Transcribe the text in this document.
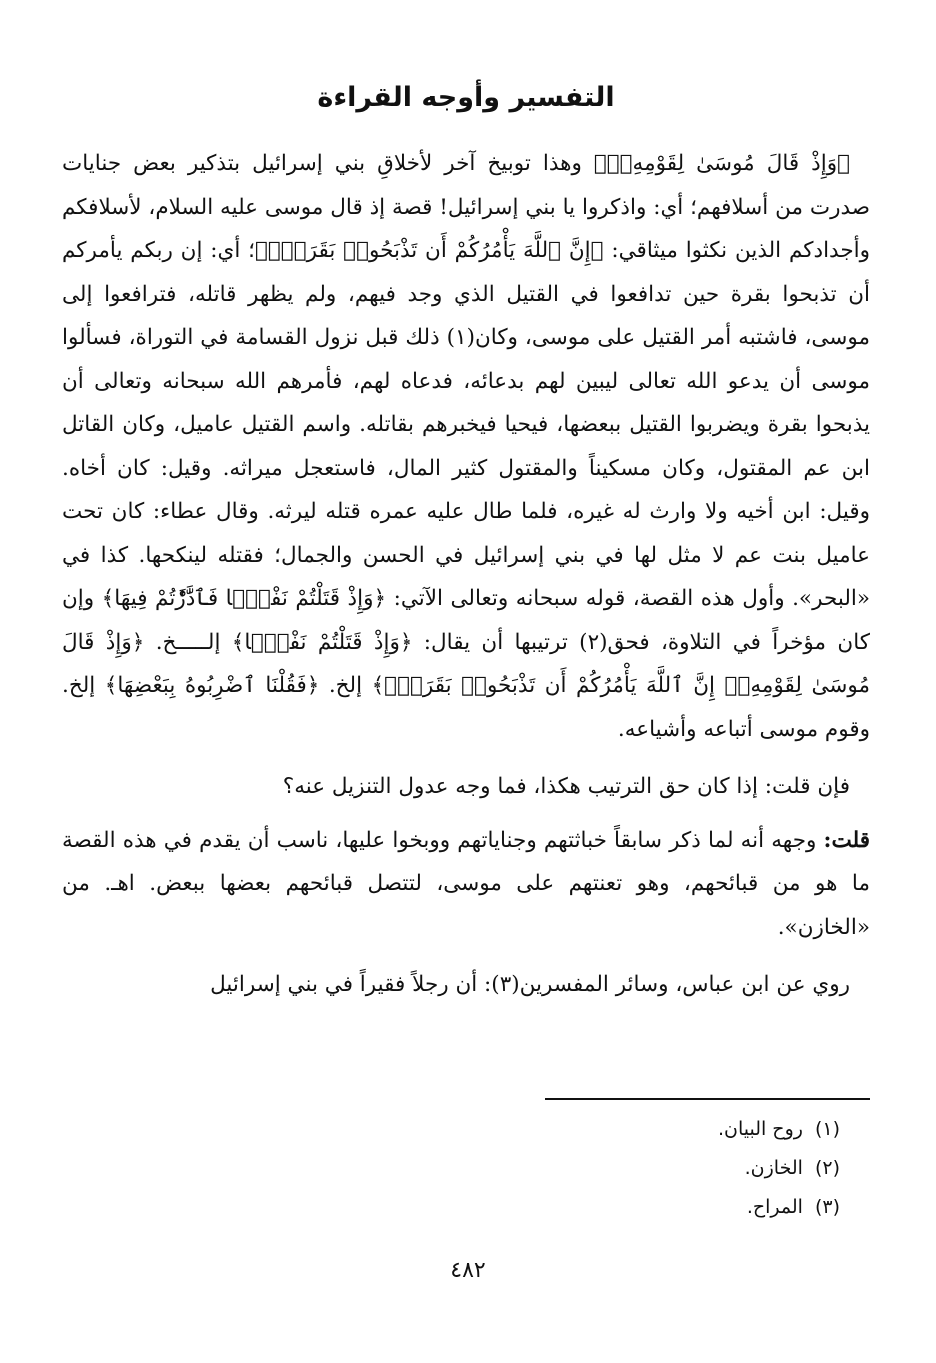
التفسير وأوجه القراءة

﴿وَإِذْ قَالَ مُوسَىٰ لِقَوْمِهِۦٓ﴾ وهذا توبيخ آخر لأخلاقِ بني إسرائيل بتذكير بعض جنايات صدرت من أسلافهم؛ أي: واذكروا يا بني إسرائيل! قصة إذ قال موسى عليه السلام، لأسلافكم وأجدادكم الذين نكثوا ميثاقي: ﴿إِنَّ ٱللَّهَ يَأْمُرُكُمْ أَن تَذْبَحُوا۟ بَقَرَةًۭ﴾؛ أي: إن ربكم يأمركم أن تذبحوا بقرة حين تدافعوا في القتيل الذي وجد فيهم، ولم يظهر قاتله، فترافعوا إلى موسى، فاشتبه أمر القتيل على موسى، وكان(١) ذلك قبل نزول القسامة في التوراة، فسألوا موسى أن يدعو الله تعالى ليبين لهم بدعائه، فدعاه لهم، فأمرهم الله سبحانه وتعالى أن يذبحوا بقرة ويضربوا القتيل ببعضها، فيحيا فيخبرهم بقاتله. واسم القتيل عاميل، وكان القاتل ابن عم المقتول، وكان مسكيناً والمقتول كثير المال، فاستعجل ميراثه. وقيل: كان أخاه. وقيل: ابن أخيه ولا وارث له غيره، فلما طال عليه عمره قتله ليرثه. وقال عطاء: كان تحت عاميل بنت عم لا مثل لها في بني إسرائيل في الحسن والجمال؛ فقتله لينكحها. كذا في «البحر». وأول هذه القصة، قوله سبحانه وتعالى الآتي: ﴿وَإِذْ قَتَلْتُمْ نَفْسًۭا فَٱدَّٰرَْٰٔتُمْ فِيهَا﴾ وإن كان مؤخراً في التلاوة، فحق(٢) ترتيبها أن يقال: ﴿وَإِذْ قَتَلْتُمْ نَفْسًۭا﴾ إلـــــخ. ﴿وَإِذْ قَالَ مُوسَىٰ لِقَوْمِهِۦٓ إِنَّ ٱللَّهَ يَأْمُرُكُمْ أَن تَذْبَحُوا۟ بَقَرَةًۭ﴾ إلخ. ﴿فَقُلْنَا ٱضْرِبُوهُ بِبَعْضِهَا﴾ إلخ. وقوم موسى أتباعه وأشياعه.

فإن قلت: إذا كان حق الترتيب هكذا، فما وجه عدول التنزيل عنه؟

قلت: وجهه أنه لما ذكر سابقاً خباثتهم وجناياتهم ووبخوا عليها، ناسب أن يقدم في هذه القصة ما هو من قبائحهم، وهو تعنتهم على موسى، لتتصل قبائحهم بعضها ببعض. اهـ. من «الخازن».

روي عن ابن عباس، وسائر المفسرين(٣): أن رجلاً فقيراً في بني إسرائيل

(١)روح البيان.
(٢)الخازن.
(٣)المراح.
٤٨٢
